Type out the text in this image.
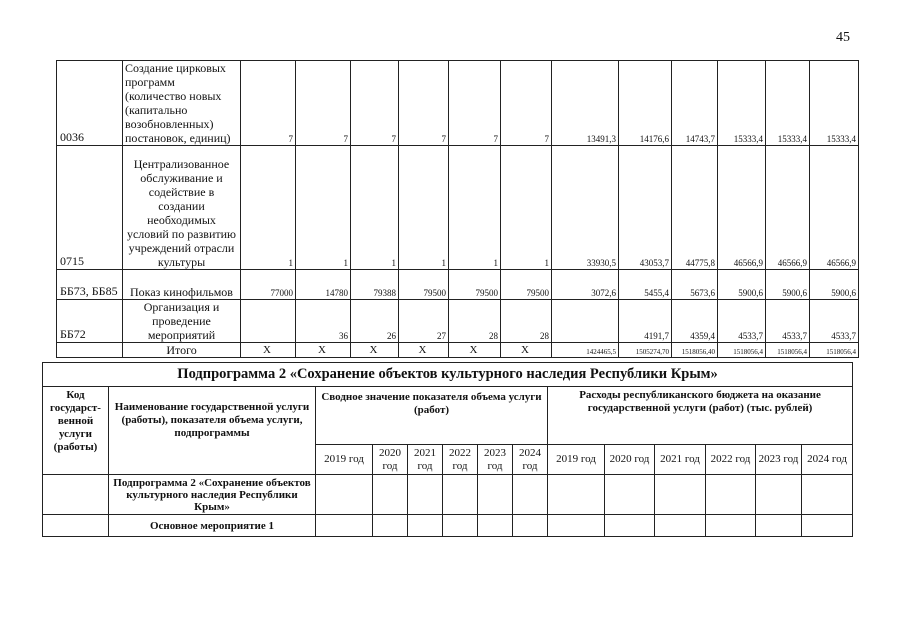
45
0036	Создание цирковых программ (количество новых (капитально возобновленных) постановок, единиц)	7	7	7	7	7	7	13491,3	14176,6	14743,7	15333,4	15333,4	15333,4
0715	Централизованное обслуживание и содействие в создании необходимых условий по развитию учреждений отрасли культуры	1	1	1	1	1	1	33930,5	43053,7	44775,8	46566,9	46566,9	46566,9
ББ73, ББ85	Показ кинофильмов	77000	14780	79388	79500	79500	79500	3072,6	5455,4	5673,6	5900,6	5900,6	5900,6
ББ72	Организация и проведение мероприятий		36	26	27	28	28		4191,7	4359,4	4533,7	4533,7	4533,7
	Итого	Х	Х	Х	Х	Х	Х	1424465,5	1505274,70	1518056,40	1518056,4	1518056,4	1518056,4
Подпрограмма 2 «Сохранение объектов культурного наследия Республики Крым»													
Код государст- венной услуги (работы)	Наименование государственной услуги (работы), показателя объема услуги, подпрограммы	Сводное значение показателя объема услуги (работ)						Расходы республиканского бюджета на оказание государственной услуги (работ) (тыс. рублей)					
		2019 год	2020 год	2021 год	2022 год	2023 год	2024 год	2019 год	2020 год	2021 год	2022 год	2023 год	2024 год
	Подпрограмма 2 «Сохранение объектов культурного наследия Республики Крым»												
	Основное мероприятие 1												
